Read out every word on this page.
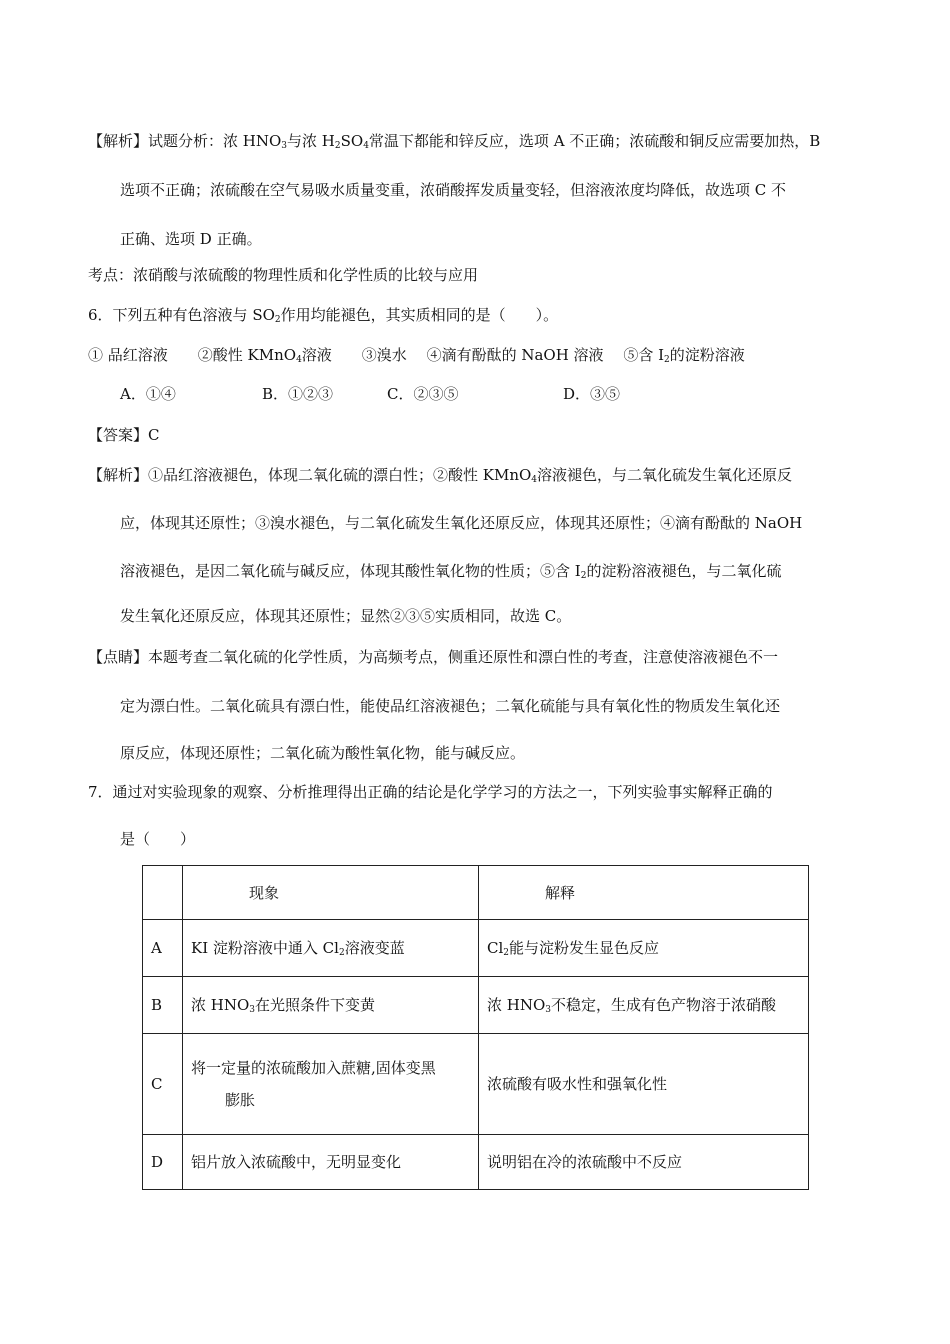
【解析】试题分析：浓 $HNO_3$与浓 $H_2SO_4$常温下都能和锌反应，选项 A 不正确；浓硫酸和铜反应需要加热，B
选项不正确；浓硫酸在空气易吸水质量变重，浓硝酸挥发质量变轻，但溶液浓度均降低，故选项 C 不
正确、选项 D 正确。
考点：浓硝酸与浓硫酸的物理性质和化学性质的比较与应用
6．下列五种有色溶液与 $SO_2$作用均能褪色，其实质相同的是（　　）。
① 品红溶液　　②酸性 KMnO$_4$溶液　　③溴水　 ④滴有酚酞的 NaOH 溶液　 ⑤含 $I_2$的淀粉溶液
A．①④	B．①②③	C．②③⑤	D．③⑤
【答案】C
【解析】①品红溶液褪色，体现二氧化硫的漂白性；②酸性 KMnO$_4$溶液褪色，与二氧化硫发生氧化还原反
应，体现其还原性；③溴水褪色，与二氧化硫发生氧化还原反应，体现其还原性；④滴有酚酞的 NaOH
溶液褪色，是因二氧化硫与碱反应，体现其酸性氧化物的性质；⑤含 $I_2$的淀粉溶液褪色，与二氧化硫
发生氧化还原反应，体现其还原性；显然②③⑤实质相同，故选 C。
【点睛】本题考查二氧化硫的化学性质，为高频考点，侧重还原性和漂白性的考查，注意使溶液褪色不一
定为漂白性。二氧化硫具有漂白性，能使品红溶液褪色；二氧化硫能与具有氧化性的物质发生氧化还
原反应，体现还原性；二氧化硫为酸性氧化物，能与碱反应。
7．通过对实验现象的观察、分析推理得出正确的结论是化学学习的方法之一，下列实验事实解释正确的
是（　　）
	现象	解释
A	KI 淀粉溶液中通入 $Cl_2$溶液变蓝	$Cl_2$能与淀粉发生显色反应
B	浓 $HNO_3$在光照条件下变黄	浓 $HNO_3$不稳定，生成有色产物溶于浓硝酸
C	将一定量的浓硫酸加入蔗糖,固体变黑
膨胀	浓硫酸有吸水性和强氧化性
D	铝片放入浓硫酸中，无明显变化	说明铝在冷的浓硫酸中不反应
